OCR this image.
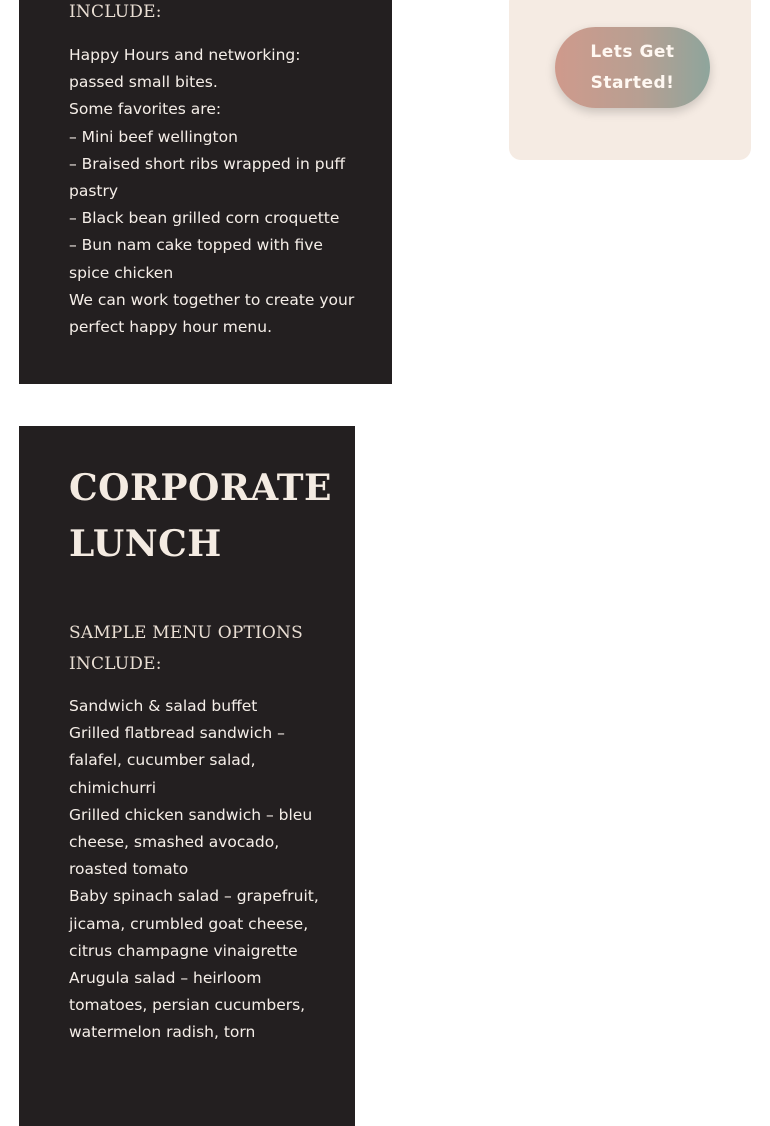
INCLUDE:
Happy Hours and networking: passed small bites.
Some favorites are:
– Mini beef wellington
– Braised short ribs wrapped in puff pastry
– Black bean grilled corn croquette
– Bun nam cake topped with five spice chicken
We can work together to create your perfect happy hour menu.
Lets Get Started!
CORPORATE LUNCH
SAMPLE MENU OPTIONS INCLUDE:
Sandwich & salad buffet
Grilled flatbread sandwich – falafel, cucumber salad, chimichurri
Grilled chicken sandwich – bleu cheese, smashed avocado, roasted tomato
Baby spinach salad – grapefruit, jicama, crumbled goat cheese, citrus champagne vinaigrette
Arugula salad – heirloom tomatoes, persian cucumbers, watermelon radish, torn
